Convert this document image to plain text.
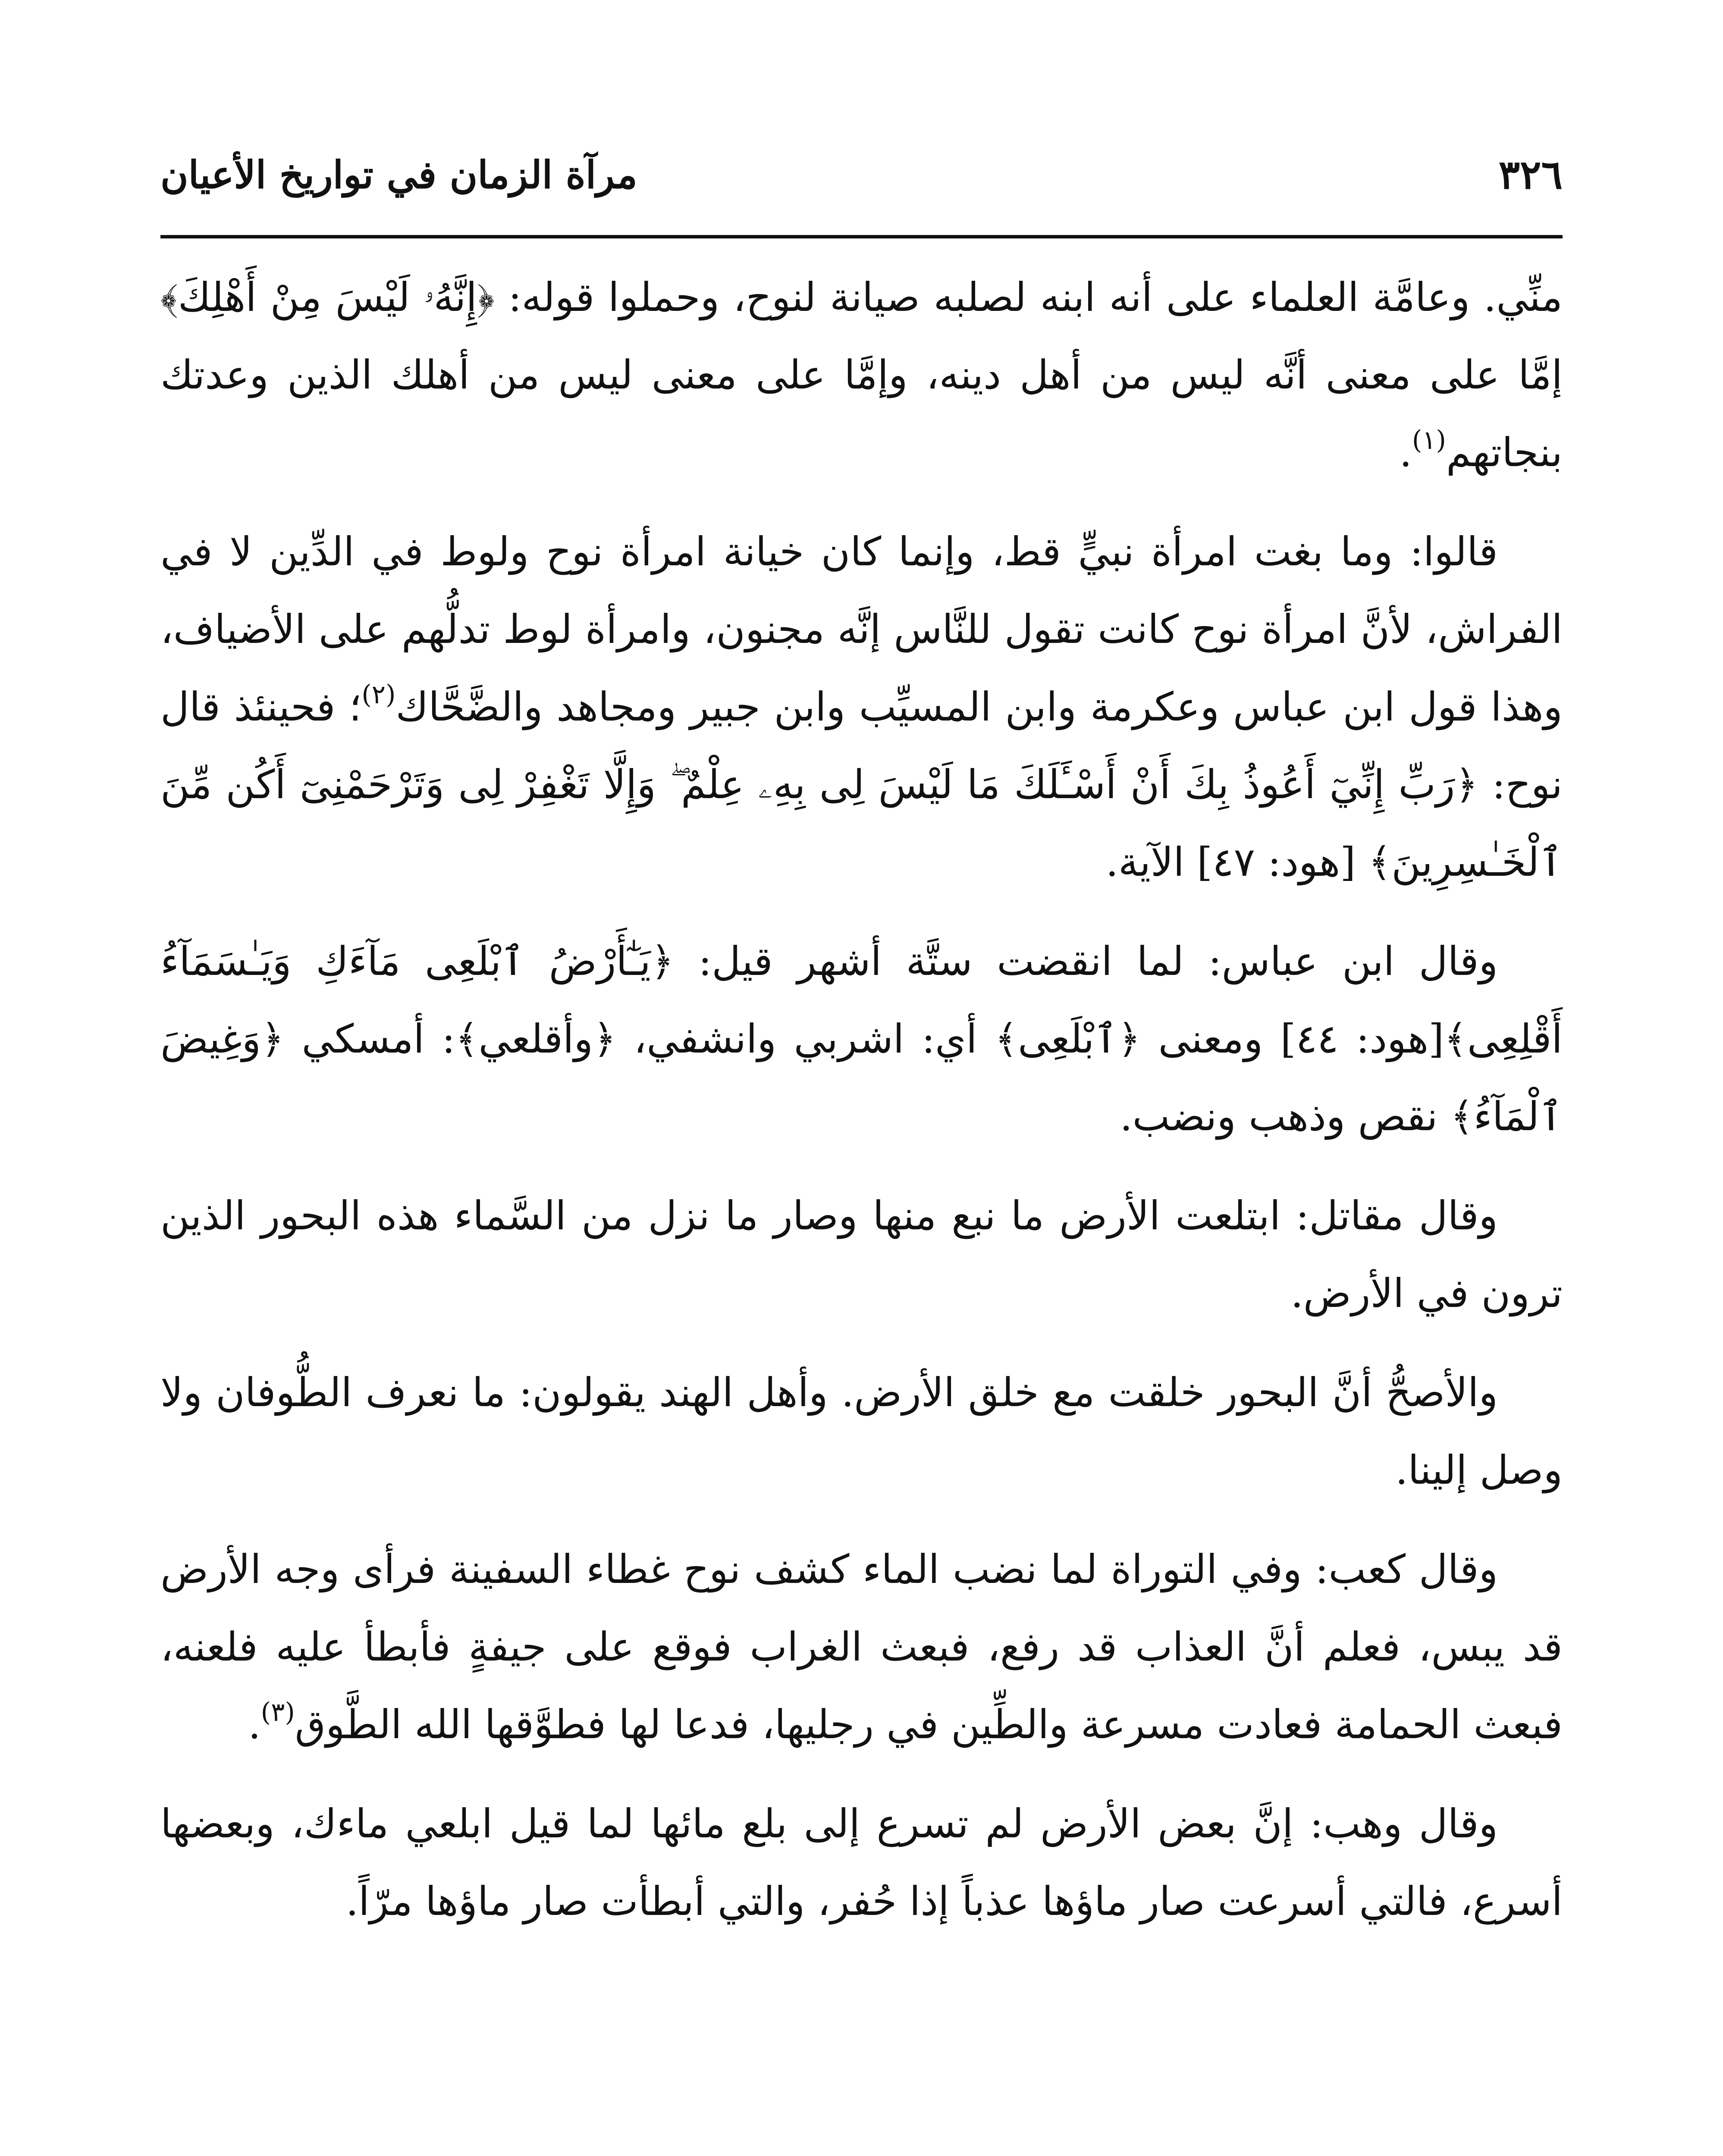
٣٢٦
مرآة الزمان في تواريخ الأعيان

منِّي. وعامَّة العلماء على أنه ابنه لصلبه صيانة لنوح، وحملوا قوله: ﴿إِنَّهُۥ لَيْسَ مِنْ أَهْلِكَ﴾ إمَّا على معنى أنَّه ليس من أهل دينه، وإمَّا على معنى ليس من أهلك الذين وعدتك بنجاتهم$^{(١)}$.

قالوا: وما بغت امرأة نبيٍّ قط، وإنما كان خيانة امرأة نوح ولوط في الدِّين لا في الفراش، لأنَّ امرأة نوح كانت تقول للنَّاس إنَّه مجنون، وامرأة لوط تدلُّهم على الأضياف، وهذا قول ابن عباس وعكرمة وابن المسيِّب وابن جبير ومجاهد والضَّحَّاك$^{(٢)}$؛ فحينئذ قال نوح: ﴿رَبِّ إِنِّيٓ أَعُوذُ بِكَ أَنْ أَسْـَٔلَكَ مَا لَيْسَ لِى بِهِۦ عِلْمٌ ۖ وَإِلَّا تَغْفِرْ لِى وَتَرْحَمْنِىٓ أَكُن مِّنَ ٱلْخَـٰسِرِينَ﴾ [هود: ٤٧] الآية.

وقال ابن عباس: لما انقضت ستَّة أشهر قيل: ﴿يَـٰٓأَرْضُ ٱبْلَعِى مَآءَكِ وَيَـٰسَمَآءُ أَقْلِعِى﴾[هود: ٤٤] ومعنى ﴿ٱبْلَعِى﴾ أي: اشربي وانشفي، ﴿وأقلعي﴾: أمسكي ﴿وَغِيضَ ٱلْمَآءُ﴾ نقص وذهب ونضب.

وقال مقاتل: ابتلعت الأرض ما نبع منها وصار ما نزل من السَّماء هذه البحور الذين ترون في الأرض.

والأصحُّ أنَّ البحور خلقت مع خلق الأرض. وأهل الهند يقولون: ما نعرف الطُّوفان ولا وصل إلينا.

وقال كعب: وفي التوراة لما نضب الماء كشف نوح غطاء السفينة فرأى وجه الأرض قد يبس، فعلم أنَّ العذاب قد رفع، فبعث الغراب فوقع على جيفةٍ فأبطأ عليه فلعنه، فبعث الحمامة فعادت مسرعة والطِّين في رجليها، فدعا لها فطوَّقها الله الطَّوق$^{(٣)}$.

وقال وهب: إنَّ بعض الأرض لم تسرع إلى بلع مائها لما قيل ابلعي ماءك، وبعضها أسرع، فالتي أسرعت صار ماؤها عذباً إذا حُفر، والتي أبطأت صار ماؤها مرّاً.
